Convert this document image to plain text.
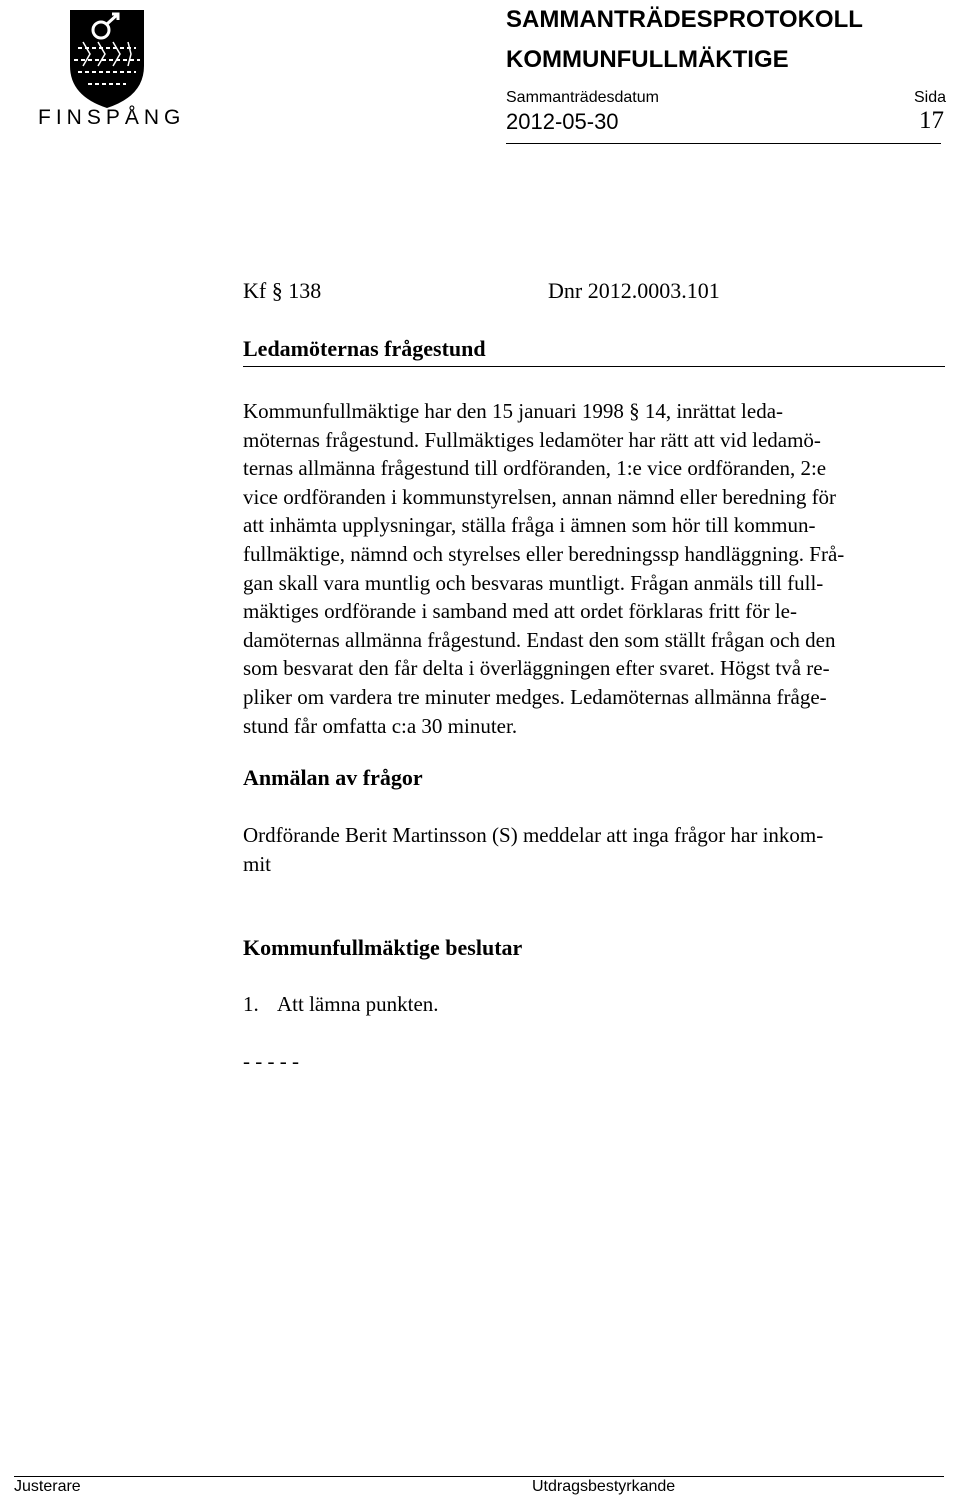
FINSPÅNG
SAMMANTRÄDESPROTOKOLL
KOMMUNFULLMÄKTIGE
Sammanträdesdatum	Sida
2012-05-30	17
Kf § 138	Dnr 2012.0003.101
Ledamöternas frågestund
Kommunfullmäktige har den 15 januari 1998 § 14, inrättat leda-
möternas frågestund. Fullmäktiges ledamöter har rätt att vid ledamö-
ternas allmänna frågestund till ordföranden, 1:e vice ordföranden, 2:e
vice ordföranden i kommunstyrelsen, annan nämnd eller beredning för
att inhämta upplysningar, ställa fråga i ämnen som hör till kommun-
fullmäktige, nämnd och styrelses eller beredningssp handläggning. Frå-
gan skall vara muntlig och besvaras muntligt. Frågan anmäls till full-
mäktiges ordförande i samband med att ordet förklaras fritt för le-
damöternas allmänna frågestund. Endast den som ställt frågan och den
som besvarat den får delta i överläggningen efter svaret. Högst två re-
pliker om vardera tre minuter medges. Ledamöternas allmänna fråge-
stund får omfatta c:a 30 minuter.
Anmälan av frågor
Ordförande Berit Martinsson (S) meddelar att inga frågor har inkom-
mit
Kommunfullmäktige beslutar
1. Att lämna punkten.
- - - - -
Justerare	Utdragsbestyrkande
